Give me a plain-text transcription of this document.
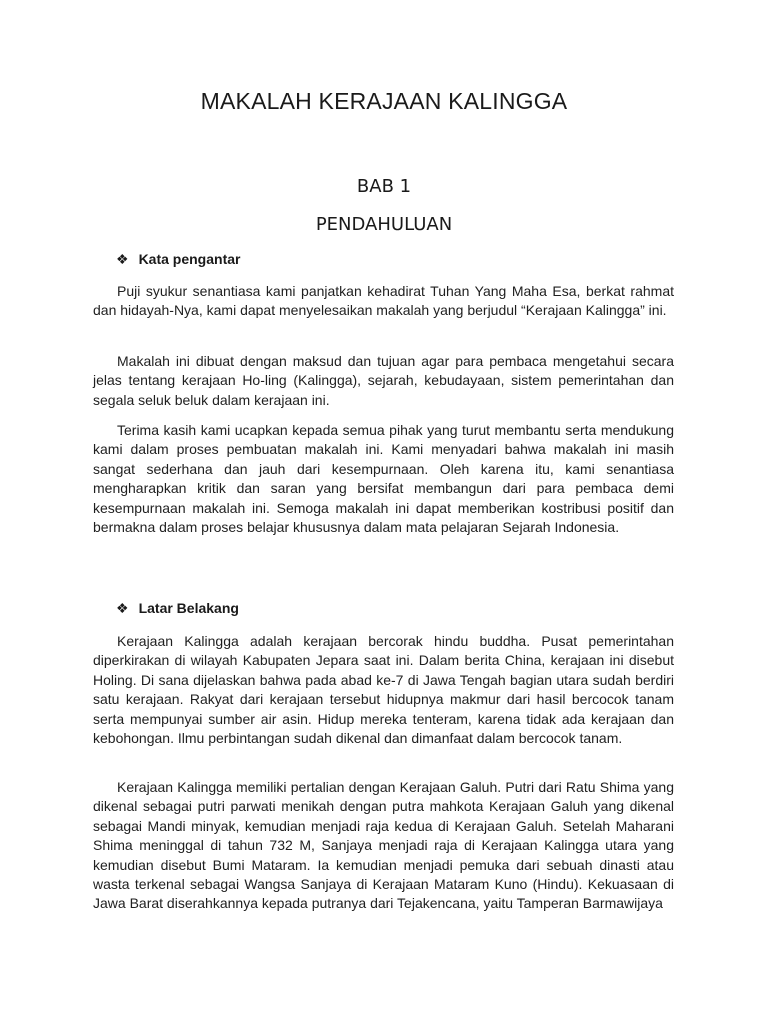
MAKALAH KERAJAAN KALINGGA
BAB 1
PENDAHULUAN
❖ Kata pengantar

Puji syukur senantiasa kami panjatkan kehadirat Tuhan Yang Maha Esa, berkat rahmat dan hidayah-Nya, kami dapat menyelesaikan makalah yang berjudul “Kerajaan Kalingga” ini.

Makalah ini dibuat dengan maksud dan tujuan agar para pembaca mengetahui secara jelas tentang kerajaan Ho-ling (Kalingga), sejarah, kebudayaan, sistem pemerintahan dan segala seluk beluk dalam kerajaan ini.

Terima kasih kami ucapkan kepada semua pihak yang turut membantu serta mendukung kami dalam proses pembuatan makalah ini. Kami menyadari bahwa makalah ini masih sangat sederhana dan jauh dari kesempurnaan. Oleh karena itu, kami senantiasa mengharapkan kritik dan saran yang bersifat membangun dari para pembaca demi kesempurnaan makalah ini. Semoga makalah ini dapat memberikan kostribusi positif dan bermakna dalam proses belajar khususnya dalam mata pelajaran Sejarah Indonesia.

❖ Latar Belakang

Kerajaan Kalingga adalah kerajaan bercorak hindu buddha. Pusat pemerintahan diperkirakan di wilayah Kabupaten Jepara saat ini. Dalam berita China, kerajaan ini disebut Holing. Di sana dijelaskan bahwa pada abad ke-7 di Jawa Tengah bagian utara sudah berdiri satu kerajaan. Rakyat dari kerajaan tersebut hidupnya makmur dari hasil bercocok tanam serta mempunyai sumber air asin. Hidup mereka tenteram, karena tidak ada kerajaan dan kebohongan. Ilmu perbintangan sudah dikenal dan dimanfaat dalam bercocok tanam.

Kerajaan Kalingga memiliki pertalian dengan Kerajaan Galuh. Putri dari Ratu Shima yang dikenal sebagai putri parwati menikah dengan putra mahkota Kerajaan Galuh yang dikenal sebagai Mandi minyak, kemudian menjadi raja kedua di Kerajaan Galuh. Setelah Maharani Shima meninggal di tahun 732 M, Sanjaya menjadi raja di Kerajaan Kalingga utara yang kemudian disebut Bumi Mataram. Ia kemudian menjadi pemuka dari sebuah dinasti atau wasta terkenal sebagai Wangsa Sanjaya di Kerajaan Mataram Kuno (Hindu). Kekuasaan di Jawa Barat diserahkannya kepada putranya dari Tejakencana, yaitu Tamperan Barmawijaya
